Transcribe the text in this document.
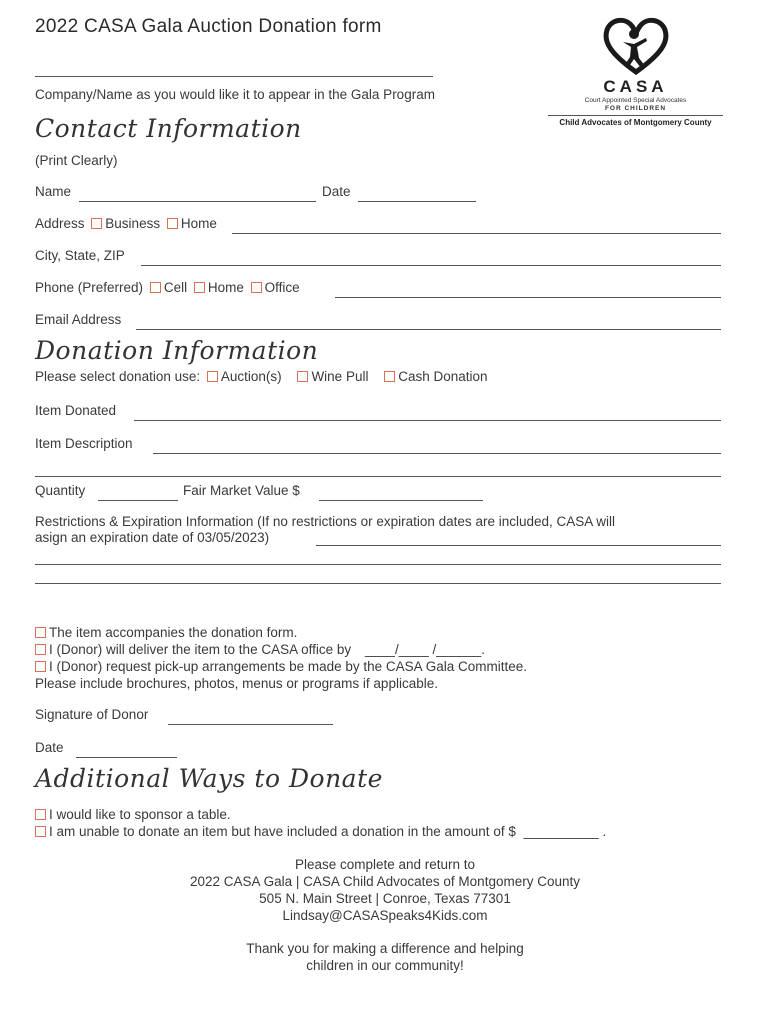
2022 CASA Gala Auction Donation form
Company/Name as you would like it to appear in the Gala Program	CASA
Court Appointed Special Advocates
FOR CHILDREN
Child Advocates of Montgomery County
Contact Information
(Print Clearly)
Name	Date
Address Business Home
City, State, ZIP
Phone (Preferred) Cell Home Office
Email Address
Donation Information
Please select donation use: Auction(s) Wine Pull Cash Donation
Item Donated
Item Description
Quantity	Fair Market Value $
Restrictions & Expiration Information (If no restrictions or expiration dates are included, CASA will
asign an expiration date of 03/05/2023)
The item accompanies the donation form.
I (Donor) will deliver the item to the CASA office by ____/____ /______.
I (Donor) request pick-up arrangements be made by the CASA Gala Committee.
Please include brochures, photos, menus or programs if applicable.
Signature of Donor
Date
Additional Ways to Donate
I would like to sponsor a table.
I am unable to donate an item but have included a donation in the amount of $ __________ .
Please complete and return to
2022 CASA Gala | CASA Child Advocates of Montgomery County
505 N. Main Street | Conroe, Texas 77301
Lindsay@CASASpeaks4Kids.com
Thank you for making a difference and helping
children in our community!
